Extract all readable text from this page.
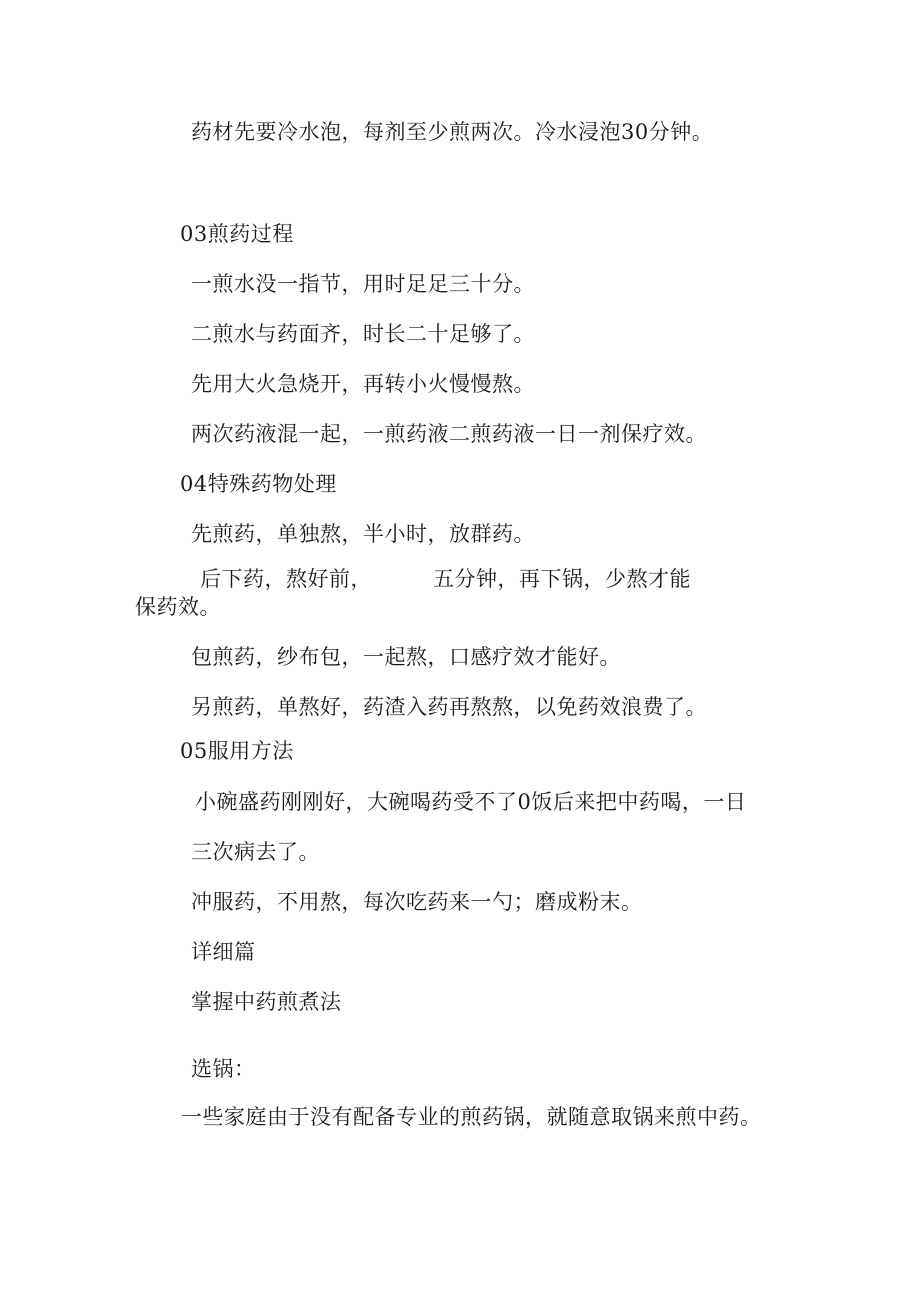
药材先要冷水泡，每剂至少煎两次。冷水浸泡30分钟。
03煎药过程
一煎水没一指节，用时足足三十分。
二煎水与药面齐，时长二十足够了。
先用大火急烧开，再转小火慢慢熬。
两次药液混一起，一煎药液二煎药液一日一剂保疗效。
04特殊药物处理
先煎药，单独熬，半小时，放群药。
后下药，熬好前，	五分钟，再下锅，少熬才能
保药效。
包煎药，纱布包，一起熬，口感疗效才能好。
另煎药，单熬好，药渣入药再熬熬，以免药效浪费了。
05服用方法
小碗盛药刚刚好，大碗喝药受不了0饭后来把中药喝，一日
三次病去了。
冲服药，不用熬，每次吃药来一勺；磨成粉末。
详细篇
掌握中药煎煮法
选锅：
一些家庭由于没有配备专业的煎药锅，就随意取锅来煎中药。
